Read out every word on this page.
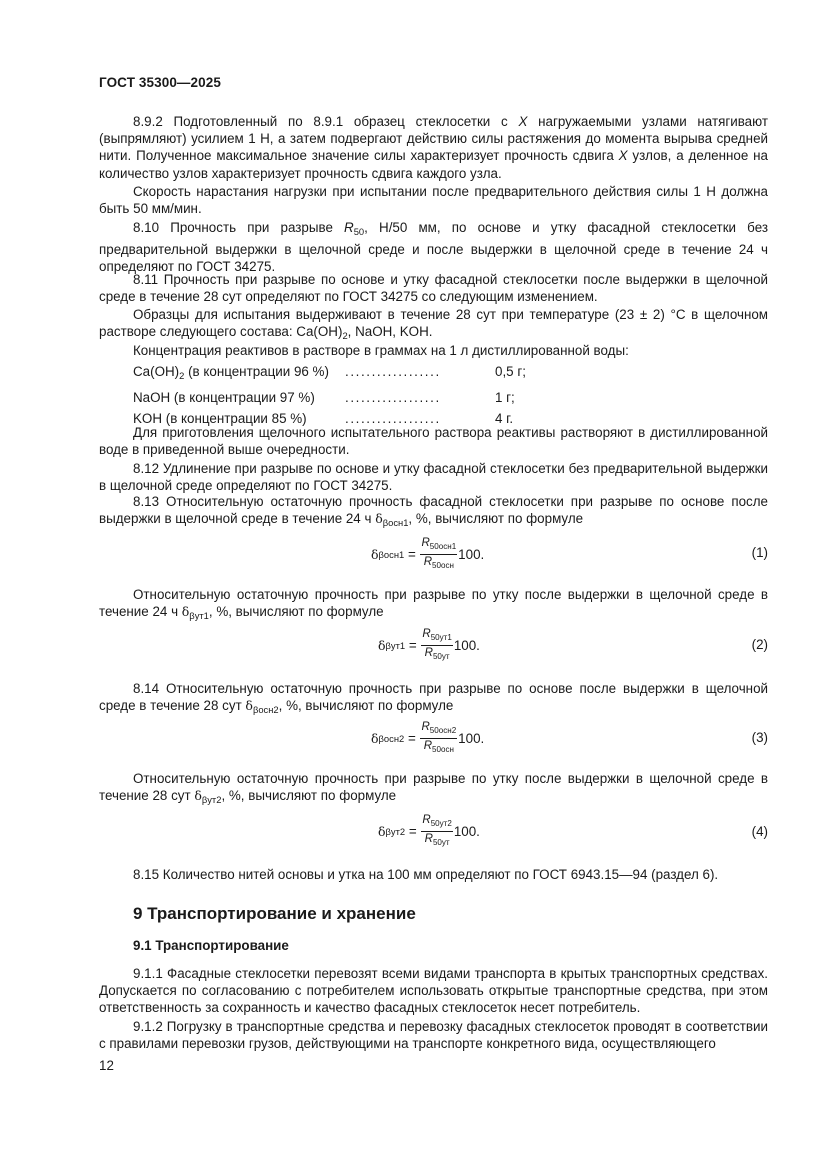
ГОСТ 35300—2025

8.9.2 Подготовленный по 8.9.1 образец стеклосетки с X нагружаемыми узлами натягивают (выпрямляют) усилием 1 Н, а затем подвергают действию силы растяжения до момента вырыва средней нити. Полученное максимальное значение силы характеризует прочность сдвига X узлов, а деленное на количество узлов характеризует прочность сдвига каждого узла.

Скорость нарастания нагрузки при испытании после предварительного действия силы 1 Н должна быть 50 мм/мин.

8.10 Прочность при разрыве $R_{50}$, Н/50 мм, по основе и утку фасадной стеклосетки без предварительной выдержки в щелочной среде и после выдержки в щелочной среде в течение 24 ч определяют по ГОСТ 34275.

8.11 Прочность при разрыве по основе и утку фасадной стеклосетки после выдержки в щелочной среде в течение 28 сут определяют по ГОСТ 34275 со следующим изменением.

Образцы для испытания выдерживают в течение 28 сут при температуре (23 ± 2) °С в щелочном растворе следующего состава: $Ca(OH)_2$, NaOH, KOH.

Концентрация реактивов в растворе в граммах на 1 л дистиллированной воды:

$Ca(OH)_2$ (в концентрации 96 %)	..................	0,5 г;
NaOH (в концентрации 97 %)	..................	1 г;
KOH (в концентрации 85 %)	..................	4 г.

Для приготовления щелочного испытательного раствора реактивы растворяют в дистиллированной воде в приведенной выше очередности.

8.12 Удлинение при разрыве по основе и утку фасадной стеклосетки без предварительной выдержки в щелочной среде определяют по ГОСТ 34275.

8.13 Относительную остаточную прочность фасадной стеклосетки при разрыве по основе после выдержки в щелочной среде в течение 24 ч $\delta_{\beta осн1}$, %, вычисляют по формуле

δ $\beta осн1 = \frac{R_{50осн1}}{R_{50осн}} 100$.	(1)

Относительную остаточную прочность при разрыве по утку после выдержки в щелочной среде в течение 24 ч $\delta_{\beta ут1}$, %, вычисляют по формуле

δ $\beta ут1 = \frac{R_{50ут1}}{R_{50ут}} 100$.	(2)

8.14 Относительную остаточную прочность при разрыве по основе после выдержки в щелочной среде в течение 28 сут $\delta_{\beta осн2}$, %, вычисляют по формуле

δ $\beta осн2 = \frac{R_{50осн2}}{R_{50осн}} 100$.	(3)

Относительную остаточную прочность при разрыве по утку после выдержки в щелочной среде в течение 28 сут $\delta_{\beta ут2}$, %, вычисляют по формуле

δ $\beta ут2 = \frac{R_{50ут2}}{R_{50ут}} 100$.	(4)

8.15 Количество нитей основы и утка на 100 мм определяют по ГОСТ 6943.15—94 (раздел 6).

9 Транспортирование и хранение
9.1 Транспортирование

9.1.1 Фасадные стеклосетки перевозят всеми видами транспорта в крытых транспортных средствах. Допускается по согласованию с потребителем использовать открытые транспортные средства, при этом ответственность за сохранность и качество фасадных стеклосеток несет потребитель.

9.1.2 Погрузку в транспортные средства и перевозку фасадных стеклосеток проводят в соответствии с правилами перевозки грузов, действующими на транспорте конкретного вида, осуществляющего

12
